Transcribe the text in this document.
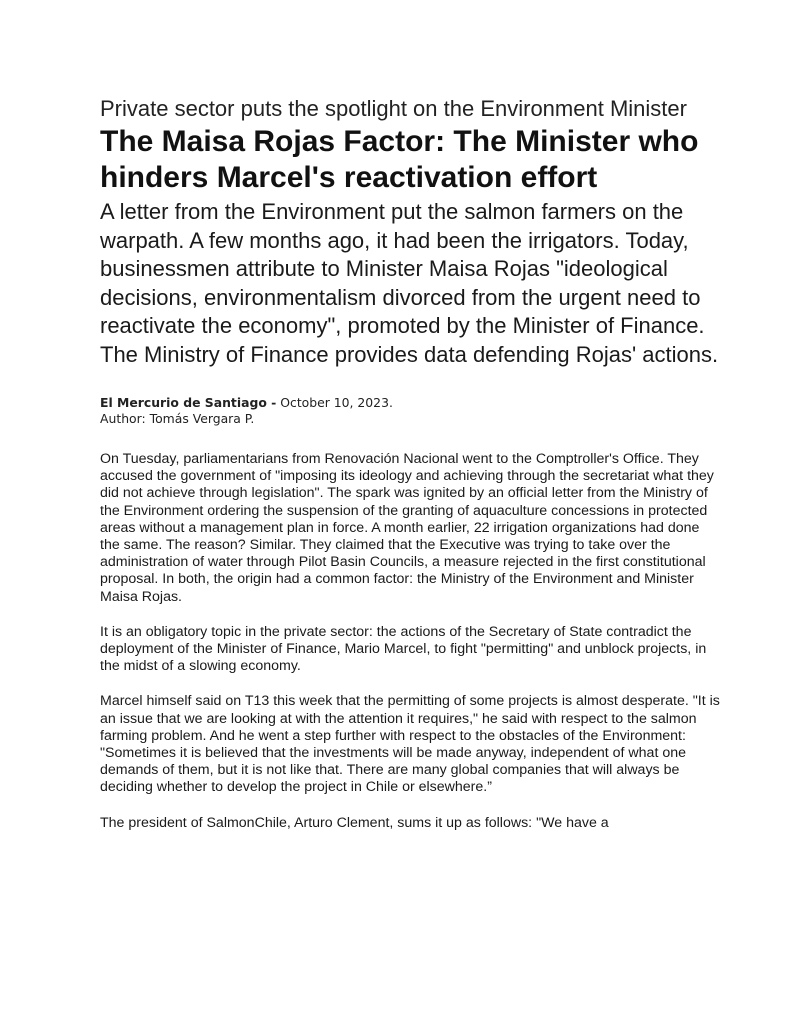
Private sector puts the spotlight on the Environment Minister
The Maisa Rojas Factor: The Minister who hinders Marcel's reactivation effort

A letter from the Environment put the salmon farmers on the warpath. A few months ago, it had been the irrigators. Today, businessmen attribute to Minister Maisa Rojas "ideological decisions, environmentalism divorced from the urgent need to reactivate the economy", promoted by the Minister of Finance. The Ministry of Finance provides data defending Rojas' actions.

El Mercurio de Santiago - October 10, 2023.
Author: Tomás Vergara P.

On Tuesday, parliamentarians from Renovación Nacional went to the Comptroller's Office. They accused the government of "imposing its ideology and achieving through the secretariat what they did not achieve through legislation". The spark was ignited by an official letter from the Ministry of the Environment ordering the suspension of the granting of aquaculture concessions in protected areas without a management plan in force. A month earlier, 22 irrigation organizations had done the same. The reason? Similar. They claimed that the Executive was trying to take over the administration of water through Pilot Basin Councils, a measure rejected in the first constitutional proposal. In both, the origin had a common factor: the Ministry of the Environment and Minister Maisa Rojas.

It is an obligatory topic in the private sector: the actions of the Secretary of State contradict the deployment of the Minister of Finance, Mario Marcel, to fight "permitting" and unblock projects, in the midst of a slowing economy.

Marcel himself said on T13 this week that the permitting of some projects is almost desperate. "It is an issue that we are looking at with the attention it requires," he said with respect to the salmon farming problem. And he went a step further with respect to the obstacles of the Environment: "Sometimes it is believed that the investments will be made anyway, independent of what one demands of them, but it is not like that. There are many global companies that will always be deciding whether to develop the project in Chile or elsewhere.”

The president of SalmonChile, Arturo Clement, sums it up as follows: "We have a
